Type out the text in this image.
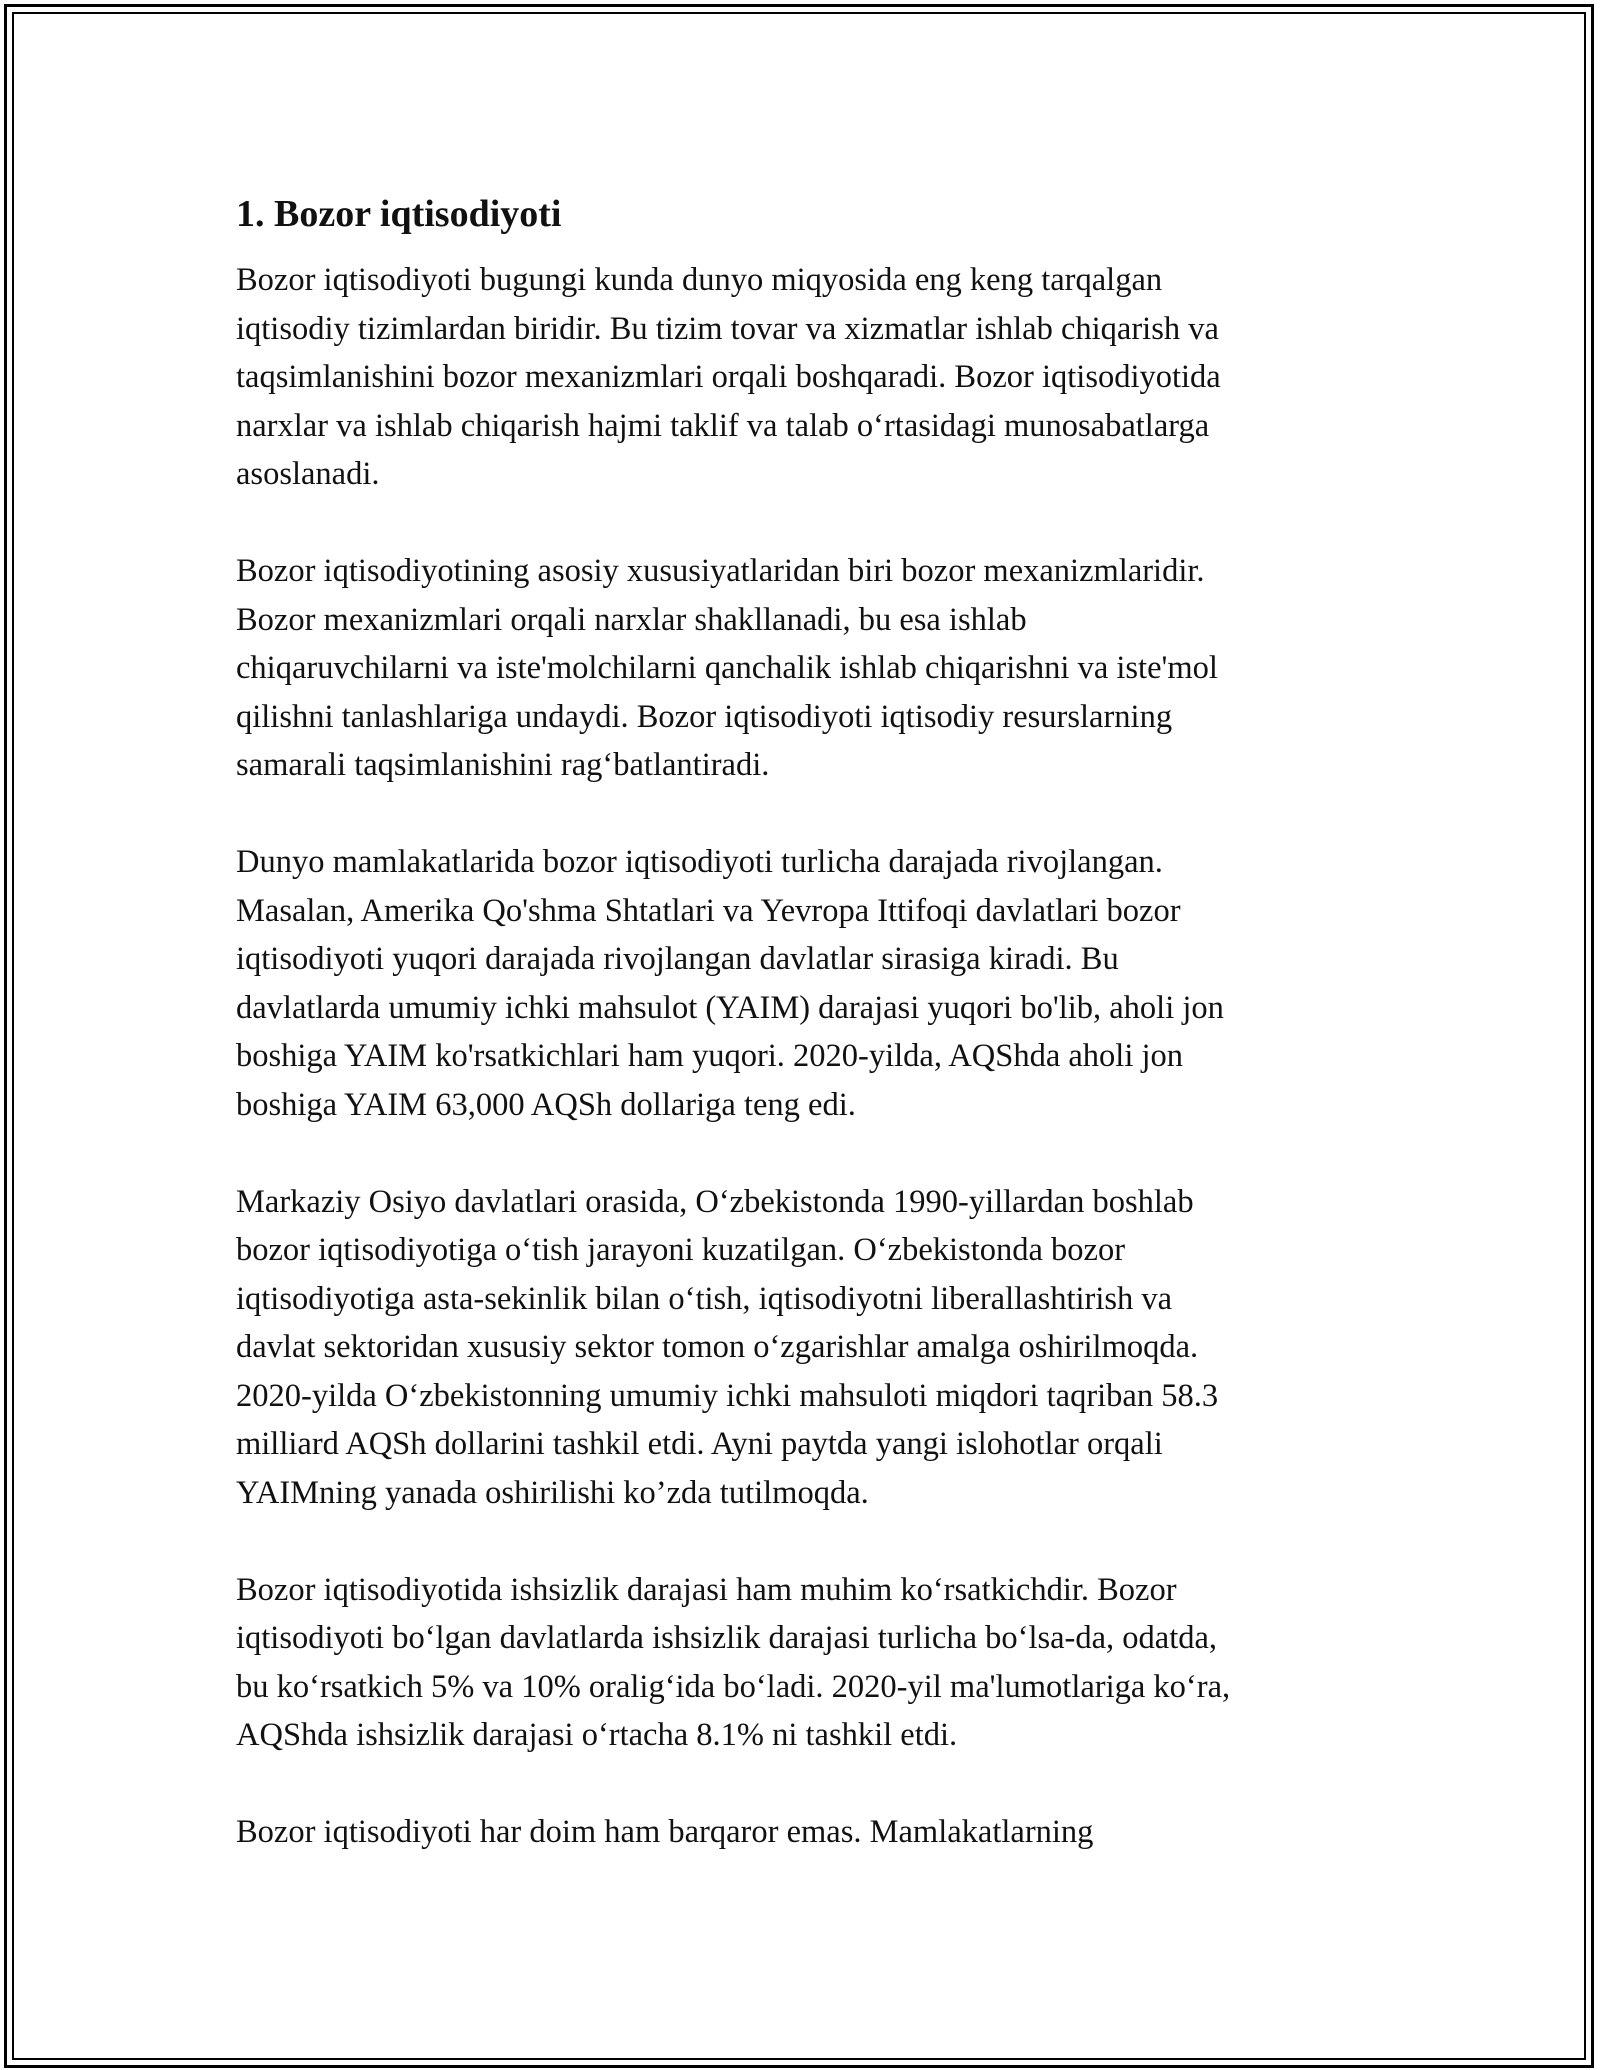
1. Bozor iqtisodiyoti

Bozor iqtisodiyoti bugungi kunda dunyo miqyosida eng keng tarqalgan
iqtisodiy tizimlardan biridir. Bu tizim tovar va xizmatlar ishlab chiqarish va
taqsimlanishini bozor mexanizmlari orqali boshqaradi. Bozor iqtisodiyotida
narxlar va ishlab chiqarish hajmi taklif va talab o‘rtasidagi munosabatlarga
asoslanadi.

Bozor iqtisodiyotining asosiy xususiyatlaridan biri bozor mexanizmlaridir.
Bozor mexanizmlari orqali narxlar shakllanadi, bu esa ishlab
chiqaruvchilarni va iste'molchilarni qanchalik ishlab chiqarishni va iste'mol
qilishni tanlashlariga undaydi. Bozor iqtisodiyoti iqtisodiy resurslarning
samarali taqsimlanishini rag‘batlantiradi.

Dunyo mamlakatlarida bozor iqtisodiyoti turlicha darajada rivojlangan.
Masalan, Amerika Qo'shma Shtatlari va Yevropa Ittifoqi davlatlari bozor
iqtisodiyoti yuqori darajada rivojlangan davlatlar sirasiga kiradi. Bu
davlatlarda umumiy ichki mahsulot (YAIM) darajasi yuqori bo'lib, aholi jon
boshiga YAIM ko'rsatkichlari ham yuqori. 2020-yilda, AQShda aholi jon
boshiga YAIM 63,000 AQSh dollariga teng edi.

Markaziy Osiyo davlatlari orasida, O‘zbekistonda 1990-yillardan boshlab
bozor iqtisodiyotiga o‘tish jarayoni kuzatilgan. O‘zbekistonda bozor
iqtisodiyotiga asta-sekinlik bilan o‘tish, iqtisodiyotni liberallashtirish va
davlat sektoridan xususiy sektor tomon o‘zgarishlar amalga oshirilmoqda.
2020-yilda O‘zbekistonning umumiy ichki mahsuloti miqdori taqriban 58.3
milliard AQSh dollarini tashkil etdi. Ayni paytda yangi islohotlar orqali
YAIMning yanada oshirilishi ko’zda tutilmoqda.

Bozor iqtisodiyotida ishsizlik darajasi ham muhim ko‘rsatkichdir. Bozor
iqtisodiyoti bo‘lgan davlatlarda ishsizlik darajasi turlicha bo‘lsa-da, odatda,
bu ko‘rsatkich 5% va 10% oralig‘ida bo‘ladi. 2020-yil ma'lumotlariga ko‘ra,
AQShda ishsizlik darajasi o‘rtacha 8.1% ni tashkil etdi.

Bozor iqtisodiyoti har doim ham barqaror emas. Mamlakatlarning
